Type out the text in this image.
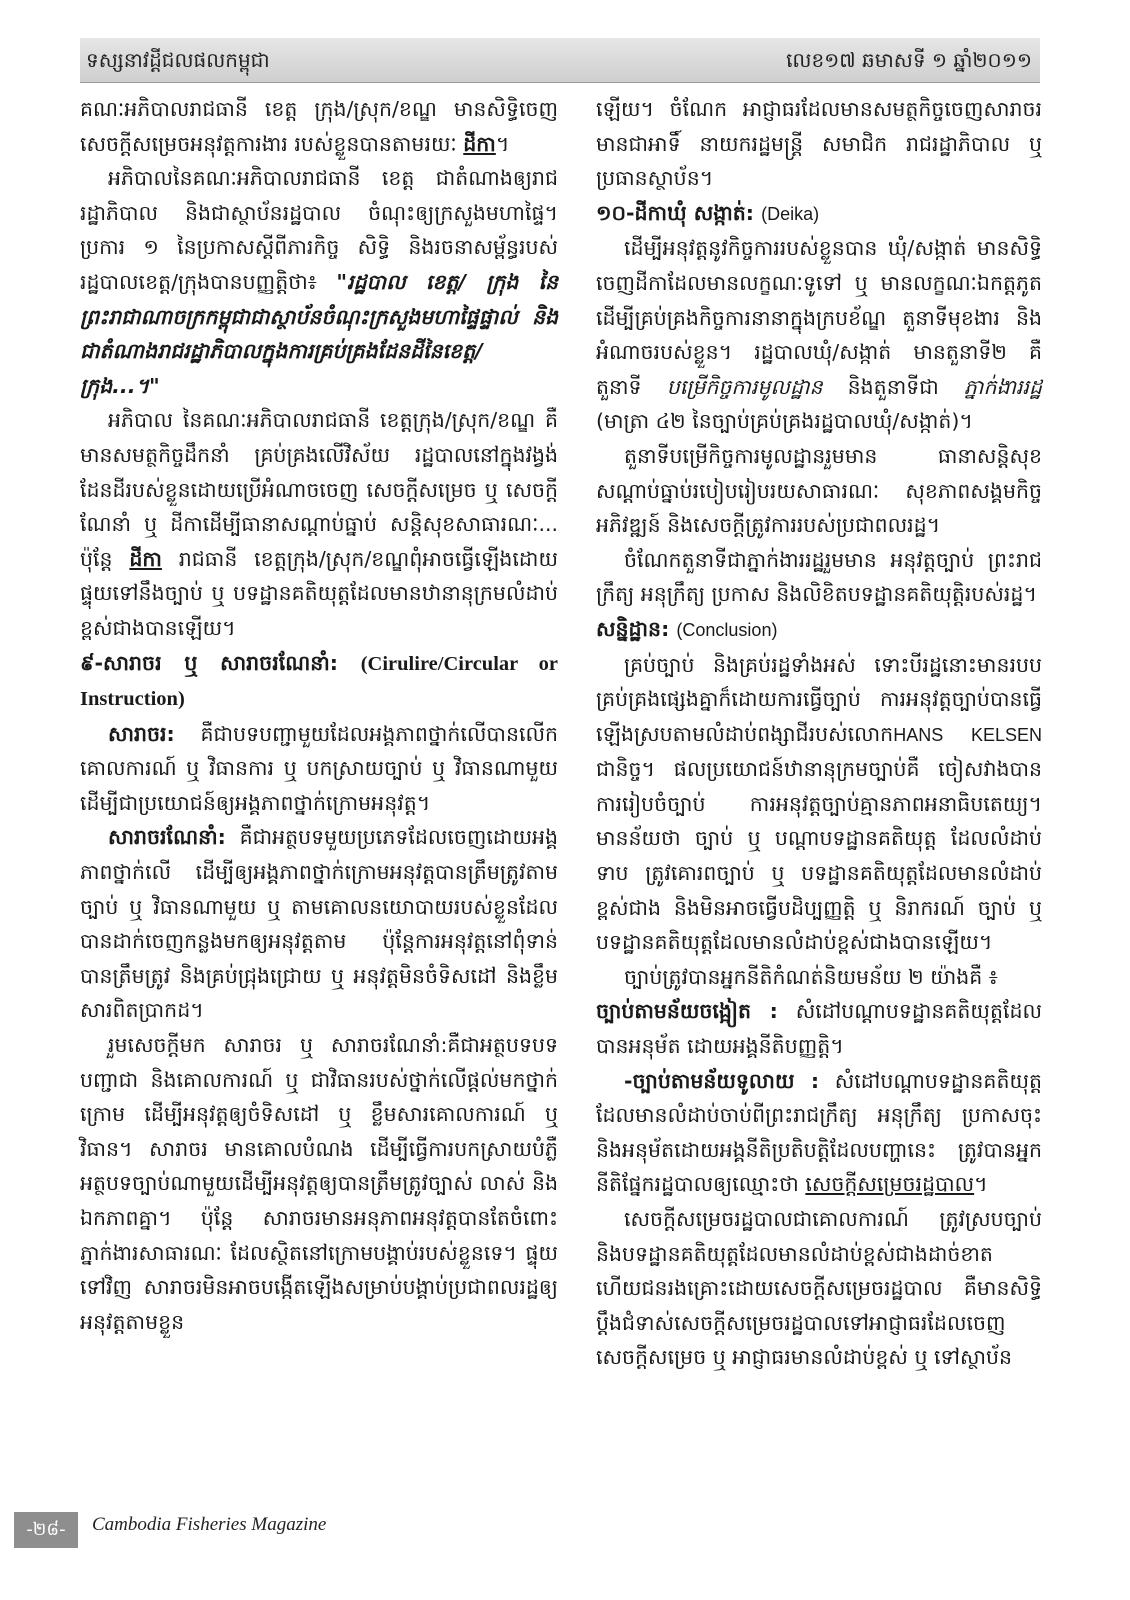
ទស្សនាវដ្ដីជលផលកម្ពុជា	លេខ១៧ ឆមាសទី ១ ឆ្នាំ២០១១

គណៈអភិបាលរាជធានី ខេត្ត ក្រុង/ស្រុក/ខណ្ឌ មានសិទ្ធិចេញសេចក្ដីសម្រេចអនុវត្តការងារ របស់ខ្លួនបានតាមរយៈ ដីកា។

អភិបាលនៃគណៈអភិបាលរាជធានី ខេត្ត ជាតំណាងឲ្យរាជរដ្ឋាភិបាល និងជាស្ថាប័នរដ្ឋបាល ចំណុះឲ្យក្រសួងមហាផ្ទៃ។ ប្រការ ១ នៃប្រកាសស្ដីពីភារកិច្ច សិទ្ធិ និងរចនាសម្ព័ន្ធរបស់រដ្ឋបាលខេត្ត/ក្រុងបានបញ្ញត្តិថា៖ "រដ្ឋបាល ខេត្ត/ ក្រុង នៃព្រះរាជាណាចក្រកម្ពុជាជាស្ថាប័នចំណុះក្រសួងមហាផ្ទៃផ្ទាល់ និងជាតំណាងរាជរដ្ឋាភិបាលក្នុងការគ្រប់គ្រងដែនដីនៃខេត្ត/ក្រុង...។"

អភិបាល នៃគណៈអភិបាលរាជធានី ខេត្តក្រុង/ស្រុក/ខណ្ឌ គឺមានសមត្ថកិច្ចដឹកនាំ គ្រប់គ្រងលើវិស័យ រដ្ឋបាលនៅក្នុងវង្វង់ដែនដីរបស់ខ្លួនដោយប្រើអំណាចចេញ សេចក្ដីសម្រេច ឬ សេចក្ដីណែនាំ ឬ ដីកាដើម្បីធានាសណ្ដាប់ធ្នាប់ សន្តិសុខសាធារណៈ... ប៉ុន្តែ ដីកា រាជធានី ខេត្តក្រុង/ស្រុក/ខណ្ឌពុំអាចធ្វើឡើងដោយផ្ទុយទៅនឹងច្បាប់ ឬ បទដ្ឋានគតិយុត្តដែលមានឋានានុក្រមលំដាប់ខ្ពស់ជាងបានឡើយ។

៩-សារាចរ ឬ សារាចរណែនាំ: (Cirulire/Circular or Instruction)

សារាចរ: គឺជាបទបញ្ជាមួយដែលអង្គភាពថ្នាក់លើបានលើកគោលការណ៍ ឬ វិធានការ ឬ បកស្រាយច្បាប់ ឬ វិធានណាមួយ ដើម្បីជាប្រយោជន៍ឲ្យអង្គភាពថ្នាក់ក្រោមអនុវត្ត។

សារាចរណែនាំ: គឺជាអត្ថបទមួយប្រភេទដែលចេញដោយអង្គភាពថ្នាក់លើ ដើម្បីឲ្យអង្គភាពថ្នាក់ក្រោមអនុវត្តបានត្រឹមត្រូវតាមច្បាប់ ឬ វិធានណាមួយ ឬ តាមគោលនយោបាយរបស់ខ្លួនដែលបានដាក់ចេញកន្លងមកឲ្យអនុវត្តតាម ប៉ុន្តែការអនុវត្តនៅពុំទាន់បានត្រឹមត្រូវ និងគ្រប់ជ្រុងជ្រោយ ឬ អនុវត្តមិនចំទិសដៅ និងខ្លឹមសារពិតប្រាកដ។

រួមសេចក្ដីមក សារាចរ ឬ សារាចរណែនាំ:គឺជាអត្ថបទបទបញ្ជាជា និងគោលការណ៍ ឬ ជាវិធានរបស់ថ្នាក់លើផ្ដល់មកថ្នាក់ក្រោម ដើម្បីអនុវត្តឲ្យចំទិសដៅ ឬ ខ្លឹមសារគោលការណ៍ ឬ វិធាន។ សារាចរ មានគោលបំណង ដើម្បីធ្វើការបកស្រាយបំភ្លឺអត្ថបទច្បាប់ណាមួយដើម្បីអនុវត្តឲ្យបានត្រឹមត្រូវច្បាស់ លាស់ និងឯកភាពគ្នា។ ប៉ុន្តែ សារាចរមានអនុភាពអនុវត្តបានតែចំពោះភ្នាក់ងារសាធារណៈ ដែលស្ថិតនៅក្រោមបង្គាប់របស់ខ្លួនទេ។ ផ្ទុយទៅវិញ សារាចរមិនអាចបង្កើតឡើងសម្រាប់បង្គាប់ប្រជាពលរដ្ឋឲ្យអនុវត្តតាមខ្លួន

ឡើយ។ ចំណែក អាជ្ញាធរដែលមានសមត្ថកិច្ចចេញសារាចរមានជាអាទិ៍ នាយករដ្ឋមន្ត្រី សមាជិក រាជរដ្ឋាភិបាល ឬ ប្រធានស្ថាប័ន។

១០-ដីកាឃុំ សង្កាត់: (Deika)

ដើម្បីអនុវត្តនូវកិច្ចការរបស់ខ្លួនបាន ឃុំ/សង្កាត់ មានសិទ្ធិចេញដីកាដែលមានលក្ខណៈទូទៅ ឬ មានលក្ខណៈឯកត្តភូត ដើម្បីគ្រប់គ្រងកិច្ចការនានាក្នុងក្របខ័ណ្ឌ តួនាទីមុខងារ និងអំណាចរបស់ខ្លួន។ រដ្ឋបាលឃុំ/សង្កាត់ មានតួនាទី២ គឺ តួនាទី បម្រើកិច្ចការមូលដ្ឋាន និងតួនាទីជា ភ្នាក់ងាររដ្ឋ (មាត្រា ៤២ នៃច្បាប់គ្រប់គ្រងរដ្ឋបាលឃុំ/សង្កាត់)។

តួនាទីបម្រើកិច្ចការមូលដ្ឋានរួមមាន ធានាសន្តិសុខ សណ្ដាប់ធ្នាប់របៀបរៀបរយសាធារណៈ សុខភាពសង្គមកិច្ច អភិវឌ្ឍន៍ និងសេចក្ដីត្រូវការរបស់ប្រជាពលរដ្ឋ។

ចំណែកតួនាទីជាភ្នាក់ងាររដ្ឋរួមមាន អនុវត្តច្បាប់ ព្រះរាជក្រឹត្យ អនុក្រឹត្យ ប្រកាស និងលិខិតបទដ្ឋានគតិយុត្តិរបស់រដ្ឋ។

សន្និដ្ឋាន: (Conclusion)

គ្រប់ច្បាប់ និងគ្រប់រដ្ឋទាំងអស់ ទោះបីរដ្ឋនោះមានរបបគ្រប់គ្រងផ្សេងគ្នាក៏ដោយការធ្វើច្បាប់ ការអនុវត្តច្បាប់បានធ្វើឡើងស្របតាមលំដាប់ពង្សាជីរបស់លោកHANS KELSEN ជានិច្ច។ ផលប្រយោជន៍ឋានានុក្រមច្បាប់គឺ ចៀសវាងបានការរៀបចំច្បាប់ ការអនុវត្តច្បាប់គ្មានភាពអនាធិបតេយ្យ។ មានន័យថា ច្បាប់ ឬ បណ្ដាបទដ្ឋានគតិយុត្ត ដែលលំដាប់ទាប ត្រូវគោរពច្បាប់ ឬ បទដ្ឋានគតិយុត្តដែលមានលំដាប់ខ្ពស់ជាង និងមិនអាចធ្វើបដិប្បញ្ញត្តិ ឬ និរាករណ៍ ច្បាប់ ឬ បទដ្ឋានគតិយុត្តដែលមានលំដាប់ខ្ពស់ជាងបានឡើយ។

ច្បាប់ត្រូវបានអ្នកនីតិកំណត់និយមន័យ ២ យ៉ាងគឺ ៖

ច្បាប់តាមន័យចង្អៀត : សំដៅបណ្ដាបទដ្ឋានគតិយុត្តដែលបានអនុម័ត ដោយអង្គនីតិបញ្ញត្តិ។

-ច្បាប់តាមន័យទូលាយ : សំដៅបណ្ដាបទដ្ឋានគតិយុត្តដែលមានលំដាប់ចាប់ពីព្រះរាជក្រឹត្យ អនុក្រឹត្យ ប្រកាសចុះ និងអនុម័តដោយអង្គនីតិប្រតិបត្តិដែលបញ្ហានេះ ត្រូវបានអ្នកនីតិផ្នែករដ្ឋបាលឲ្យឈ្មោះថា សេចក្ដីសម្រេចរដ្ឋបាល។

សេចក្ដីសម្រេចរដ្ឋបាលជាគោលការណ៍ ត្រូវស្របច្បាប់ និងបទដ្ឋានគតិយុត្តដែលមានលំដាប់ខ្ពស់ជាងដាច់ខាត ហើយជនរងគ្រោះដោយសេចក្ដីសម្រេចរដ្ឋបាល គឺមានសិទ្ធិប្ដឹងជំទាស់សេចក្ដីសម្រេចរដ្ឋបាលទៅអាជ្ញាធរដែលចេញសេចក្ដីសម្រេច ឬ អាជ្ញាធរមានលំដាប់ខ្ពស់ ឬ ទៅស្ថាប័ន

-២៨-	Cambodia Fisheries Magazine
